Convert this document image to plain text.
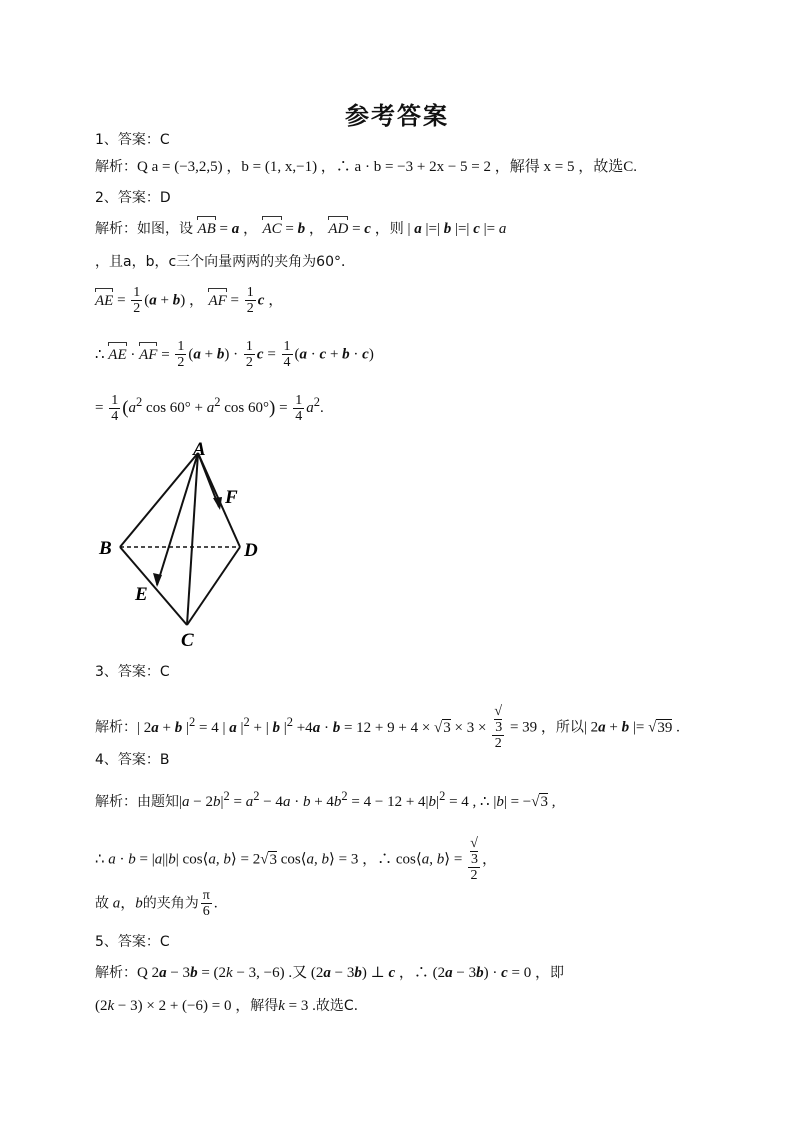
参考答案
1、答案：C
解析：Q a = (−3,2,5) ，b = (1, x,−1) ，∴ a · b = −3 + 2x − 5 = 2 ，解得 x = 5 ，故选C.
2、答案：D
解析：如图，设 AB = a ， AC = b ， AD = c ，则 | a |=| b |=| c |= a
，且a，b，c三个向量两两的夹角为60°．
AE = $\frac{1}{2} (a + b)$ ， AF = $\frac{1}{2}$ c ，
∴ AE · AF = $\frac{1}{2} (a + b) \cdot \frac{1}{2}$ $c = \frac{1}{4} (a \cdot c + b \cdot c)$
= $\frac{1}{4} (a^2$ $\cos 60^\circ + a^2$ $\cos 60^\circ) = \frac{1}{4} a^2$.
A
B	D
E
F
C
3、答案：C
解析：| 2a + b $|^2 = 4$ | a $|^2$ + | b $|^2 +4a \cdot b = 12 + 9 + 4 \times √3 \times 3$ × √
3
2 = 39 ，所以| 2a + b |= √39 .
4、答案：B
解析：由题知$|a - 2b|^2 = a^2 - 4a \cdot b + 4b^2 = 4 - 12 + 4|b|^2 = 4$ , ∴ |b| = −√3 ,
∴ a · b = |a||b| cos⟨a, b⟩ = 2√3 cos⟨a, b⟩ = 3 ，∴ cos⟨a, b⟩ = √
3
2 ，
故 a，b的夹角为 $\frac{\pi}{6}$ .
5、答案：C
解析：Q 2a − 3b = (2k − 3, −6) .又 (2a − 3b) ⊥ c ，∴ (2a − 3b) · c = 0 ，即
(2k − 3) × 2 + (−6) = 0 ，解得k = 3 .故选C.
